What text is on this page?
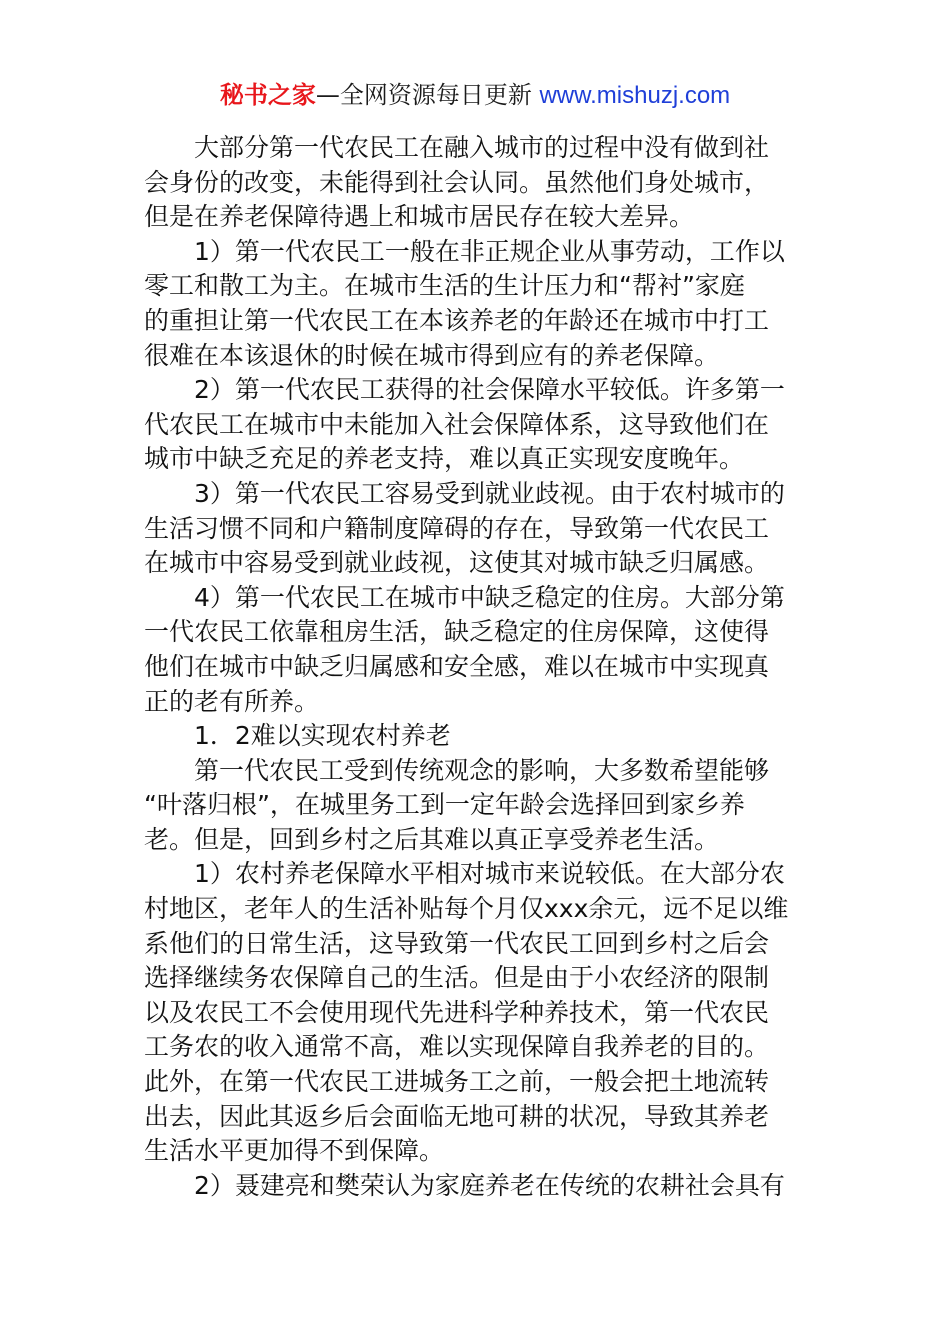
秘书之家—全网资源每日更新 www.mishuzj.com
大部分第一代农民工在融入城市的过程中没有做到社
会身份的改变，未能得到社会认同。虽然他们身处城市，
但是在养老保障待遇上和城市居民存在较大差异。
1）第一代农民工一般在非正规企业从事劳动，工作以
零工和散工为主。在城市生活的生计压力和“帮衬”家庭
的重担让第一代农民工在本该养老的年龄还在城市中打工
很难在本该退休的时候在城市得到应有的养老保障。
2）第一代农民工获得的社会保障水平较低。许多第一
代农民工在城市中未能加入社会保障体系，这导致他们在
城市中缺乏充足的养老支持，难以真正实现安度晚年。
3）第一代农民工容易受到就业歧视。由于农村城市的
生活习惯不同和户籍制度障碍的存在，导致第一代农民工
在城市中容易受到就业歧视，这使其对城市缺乏归属感。
4）第一代农民工在城市中缺乏稳定的住房。大部分第
一代农民工依靠租房生活，缺乏稳定的住房保障，这使得
他们在城市中缺乏归属感和安全感，难以在城市中实现真
正的老有所养。
1．2难以实现农村养老
第一代农民工受到传统观念的影响，大多数希望能够
“叶落归根”，在城里务工到一定年龄会选择回到家乡养
老。但是，回到乡村之后其难以真正享受养老生活。
1）农村养老保障水平相对城市来说较低。在大部分农
村地区，老年人的生活补贴每个月仅xxx余元，远不足以维
系他们的日常生活，这导致第一代农民工回到乡村之后会
选择继续务农保障自己的生活。但是由于小农经济的限制
以及农民工不会使用现代先进科学种养技术，第一代农民
工务农的收入通常不高，难以实现保障自我养老的目的。
此外，在第一代农民工进城务工之前，一般会把土地流转
出去，因此其返乡后会面临无地可耕的状况，导致其养老
生活水平更加得不到保障。
2）聂建亮和樊荣认为家庭养老在传统的农耕社会具有
